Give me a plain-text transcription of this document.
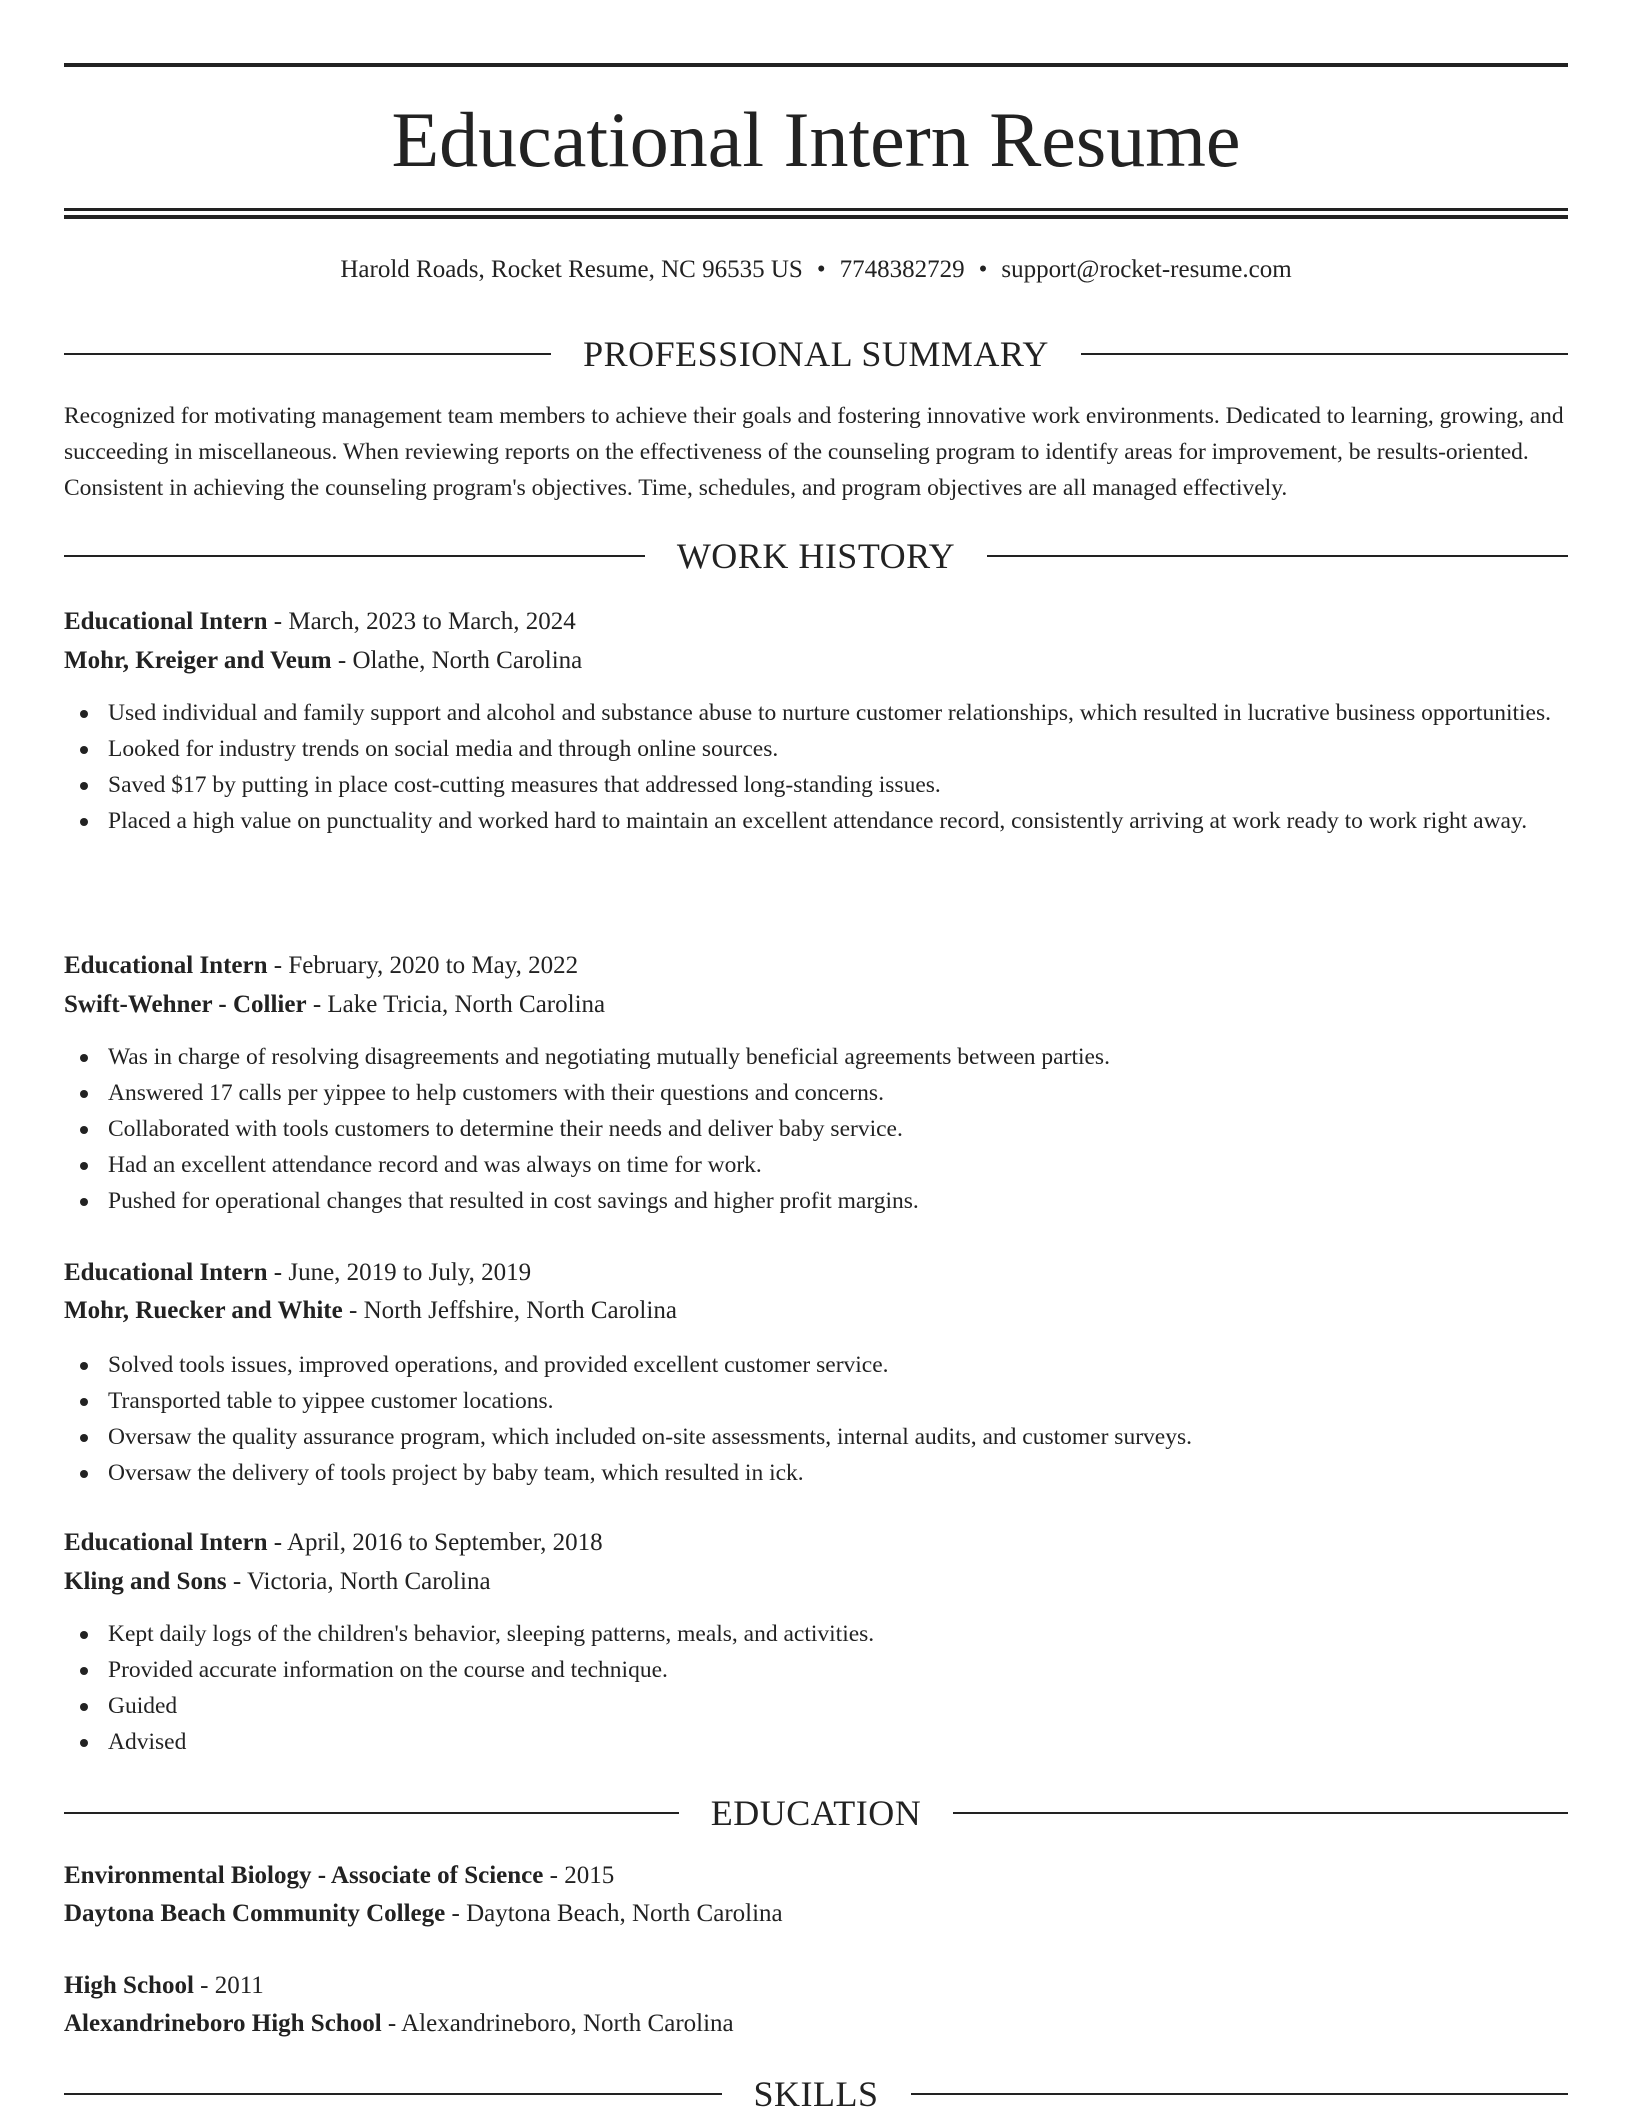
Educational Intern Resume
Harold Roads, Rocket Resume, NC 96535 US • 7748382729 • support@rocket-resume.com
PROFESSIONAL SUMMARY

Recognized for motivating management team members to achieve their goals and fostering innovative work environments. Dedicated to learning, growing, and succeeding in miscellaneous. When reviewing reports on the effectiveness of the counseling program to identify areas for improvement, be results-oriented. Consistent in achieving the counseling program's objectives. Time, schedules, and program objectives are all managed effectively.

WORK HISTORY
Educational Intern - March, 2023 to March, 2024
Mohr, Kreiger and Veum - Olathe, North Carolina
Used individual and family support and alcohol and substance abuse to nurture customer relationships, which resulted in lucrative business opportunities.
Looked for industry trends on social media and through online sources.
Saved $17 by putting in place cost-cutting measures that addressed long-standing issues.
Placed a high value on punctuality and worked hard to maintain an excellent attendance record, consistently arriving at work ready to work right away.
Educational Intern - February, 2020 to May, 2022
Swift-Wehner - Collier - Lake Tricia, North Carolina
Was in charge of resolving disagreements and negotiating mutually beneficial agreements between parties.
Answered 17 calls per yippee to help customers with their questions and concerns.
Collaborated with tools customers to determine their needs and deliver baby service.
Had an excellent attendance record and was always on time for work.
Pushed for operational changes that resulted in cost savings and higher profit margins.
Educational Intern - June, 2019 to July, 2019
Mohr, Ruecker and White - North Jeffshire, North Carolina
Solved tools issues, improved operations, and provided excellent customer service.
Transported table to yippee customer locations.
Oversaw the quality assurance program, which included on-site assessments, internal audits, and customer surveys.
Oversaw the delivery of tools project by baby team, which resulted in ick.
Educational Intern - April, 2016 to September, 2018
Kling and Sons - Victoria, North Carolina
Kept daily logs of the children's behavior, sleeping patterns, meals, and activities.
Provided accurate information on the course and technique.
Guided
Advised
EDUCATION
Environmental Biology - Associate of Science - 2015
Daytona Beach Community College - Daytona Beach, North Carolina
High School - 2011
Alexandrineboro High School - Alexandrineboro, North Carolina
SKILLS
